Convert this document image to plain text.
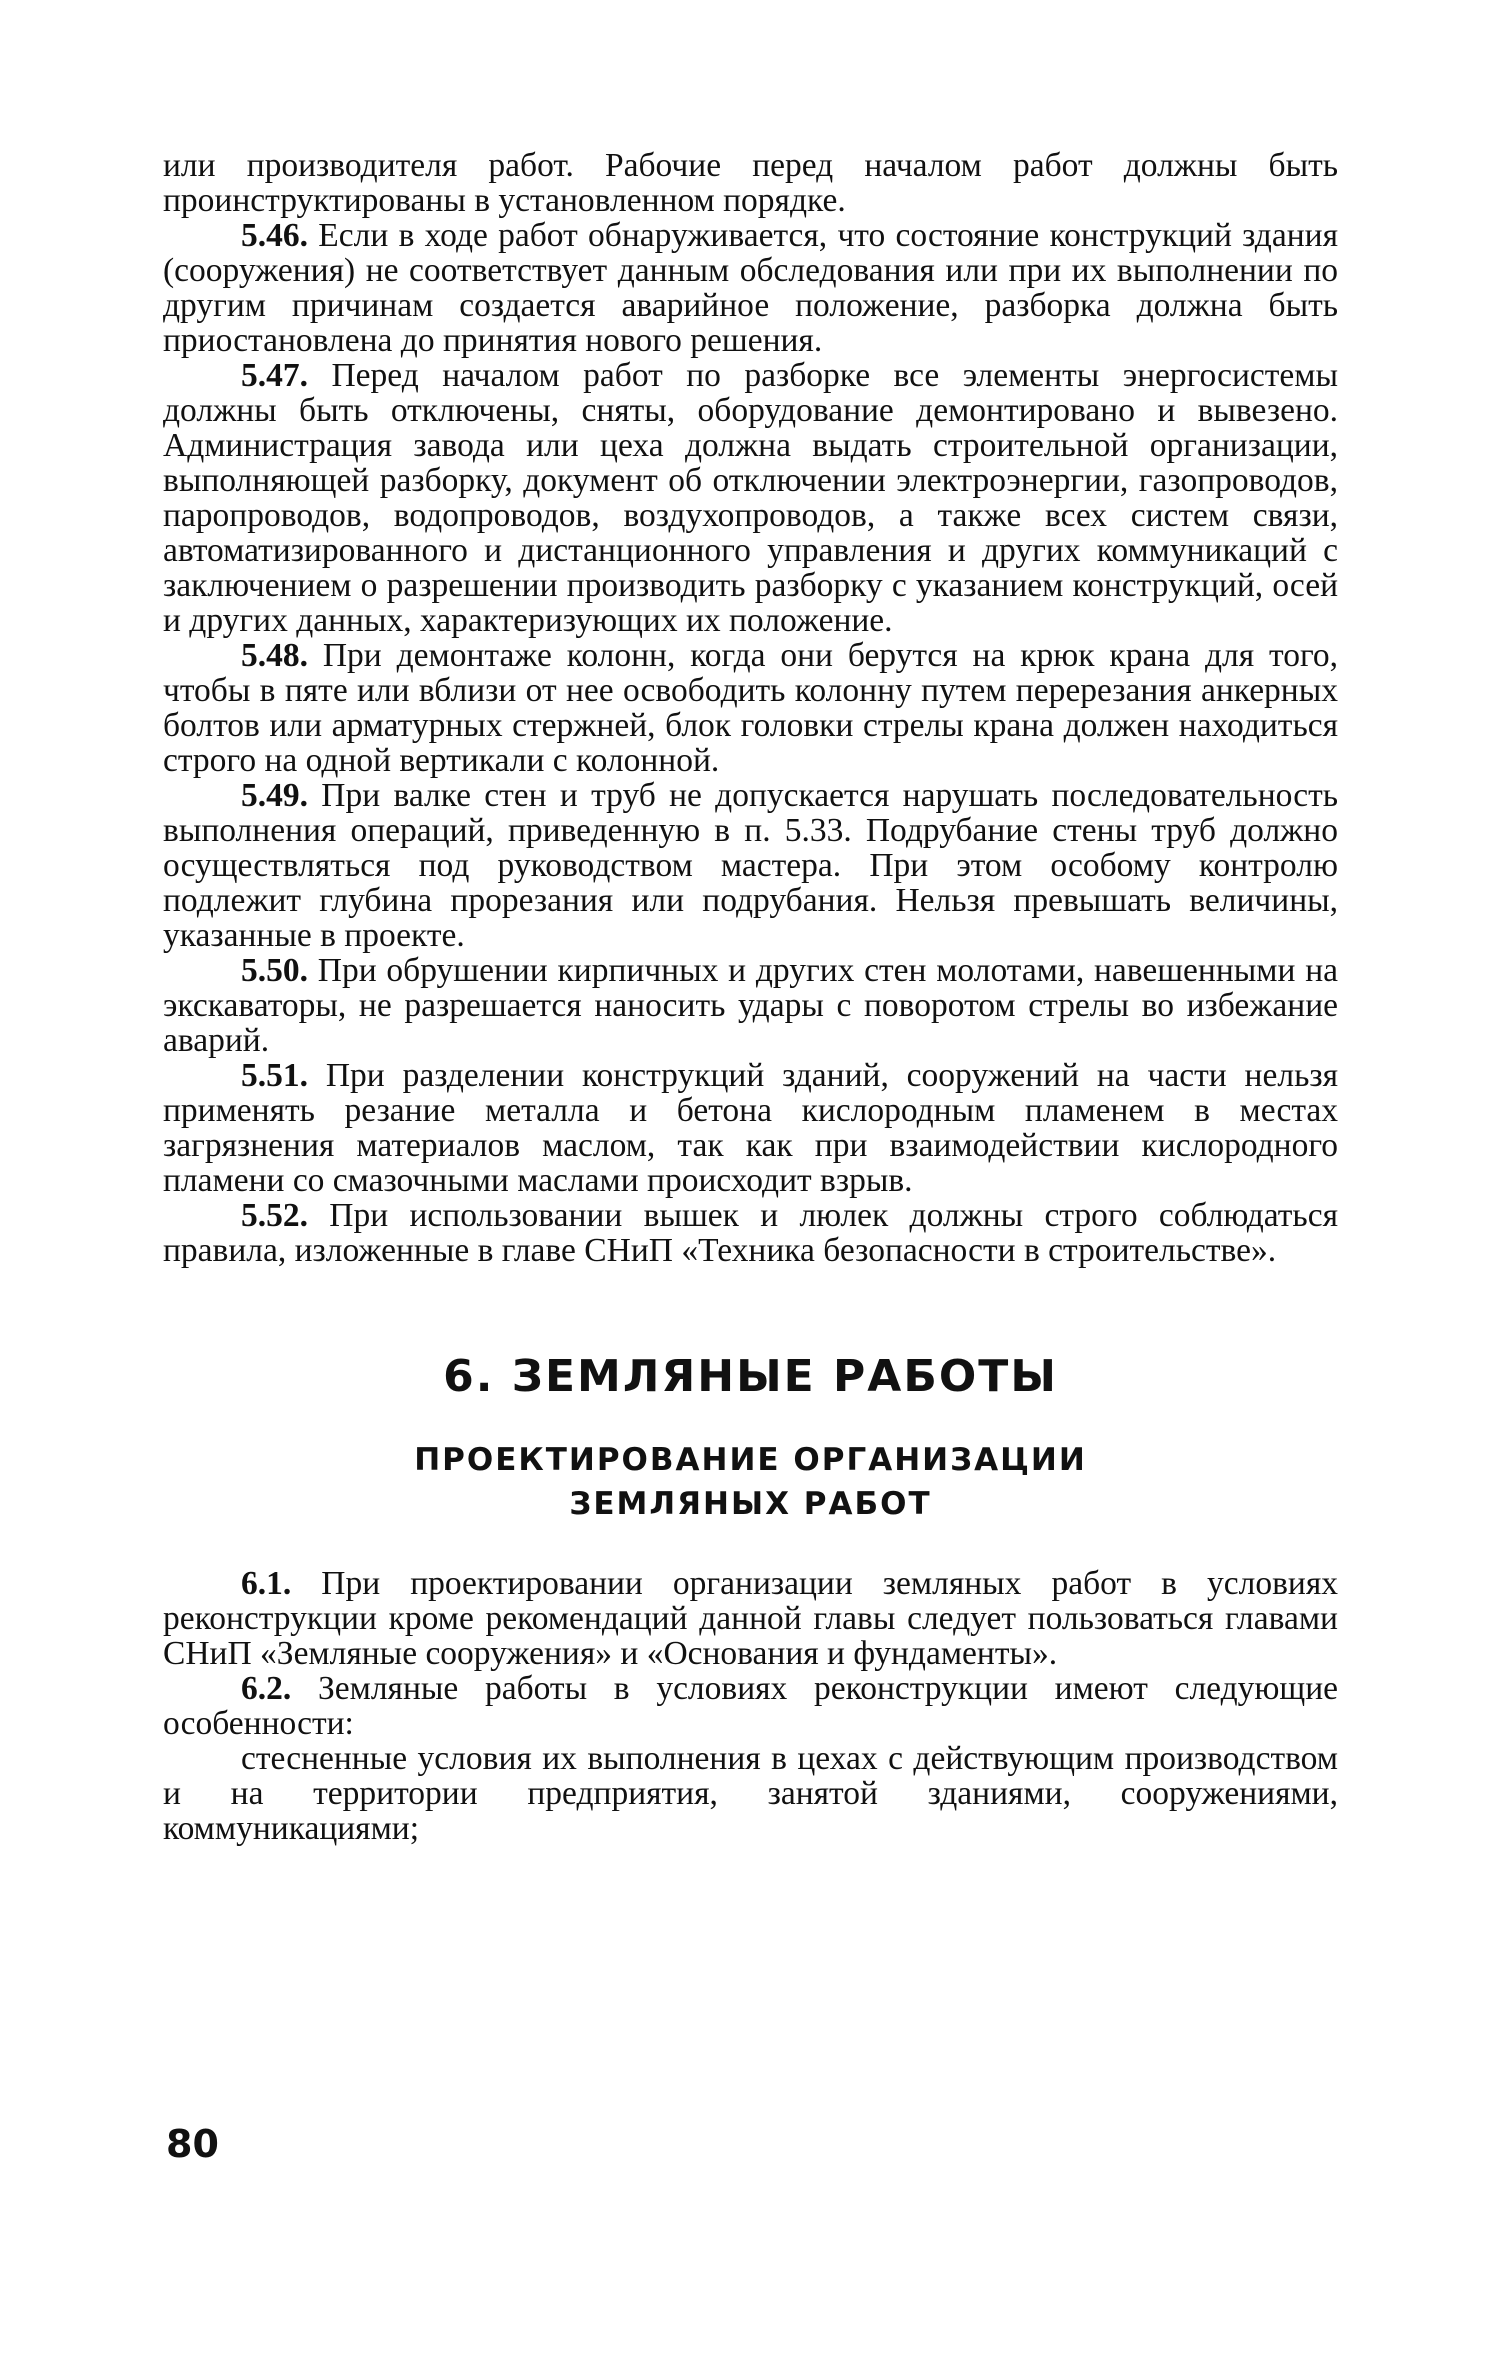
или производителя работ. Рабочие перед началом работ должны быть проинструктированы в установленном порядке.

5.46. Если в ходе работ обнаруживается, что состояние конструкций здания (сооружения) не соответствует данным обследования или при их выполнении по другим причинам создается аварийное положение, разборка должна быть приостановлена до принятия нового решения.

5.47. Перед началом работ по разборке все элементы энергосистемы должны быть отключены, сняты, оборудование демонтировано и вывезено. Администрация завода или цеха должна выдать строительной организации, выполняющей разборку, документ об отключении электроэнергии, газопроводов, паропроводов, водопроводов, воздухопроводов, а также всех систем связи, автоматизированного и дистанционного управления и других коммуникаций с заключением о разрешении производить разборку с указанием конструкций, осей и других данных, характеризующих их положение.

5.48. При демонтаже колонн, когда они берутся на крюк крана для того, чтобы в пяте или вблизи от нее освободить колонну путем перерезания анкерных болтов или арматурных стержней, блок головки стрелы крана должен находиться строго на одной вертикали с колонной.

5.49. При валке стен и труб не допускается нарушать последовательность выполнения операций, приведенную в п. 5.33. Подрубание стены труб должно осуществляться под руководством мастера. При этом особому контролю подлежит глубина прорезания или подрубания. Нельзя превышать величины, указанные в проекте.

5.50. При обрушении кирпичных и других стен молотами, навешенными на экскаваторы, не разрешается наносить удары с поворотом стрелы во избежание аварий.

5.51. При разделении конструкций зданий, сооружений на части нельзя применять резание металла и бетона кислородным пламенем в местах загрязнения материалов маслом, так как при взаимодействии кислородного пламени со смазочными маслами происходит взрыв.

5.52. При использовании вышек и люлек должны строго соблюдаться правила, изложенные в главе СНиП «Техника безопасности в строительстве».

6. ЗЕМЛЯНЫЕ РАБОТЫ
ПРОЕКТИРОВАНИЕ ОРГАНИЗАЦИИ
ЗЕМЛЯНЫХ РАБОТ

6.1. При проектировании организации земляных работ в условиях реконструкции кроме рекомендаций данной главы следует пользоваться главами СНиП «Земляные сооружения» и «Основания и фундаменты».

6.2. Земляные работы в условиях реконструкции имеют следующие особенности:

стесненные условия их выполнения в цехах с действующим производством и на территории предприятия, занятой зданиями, сооружениями, коммуникациями;

80
